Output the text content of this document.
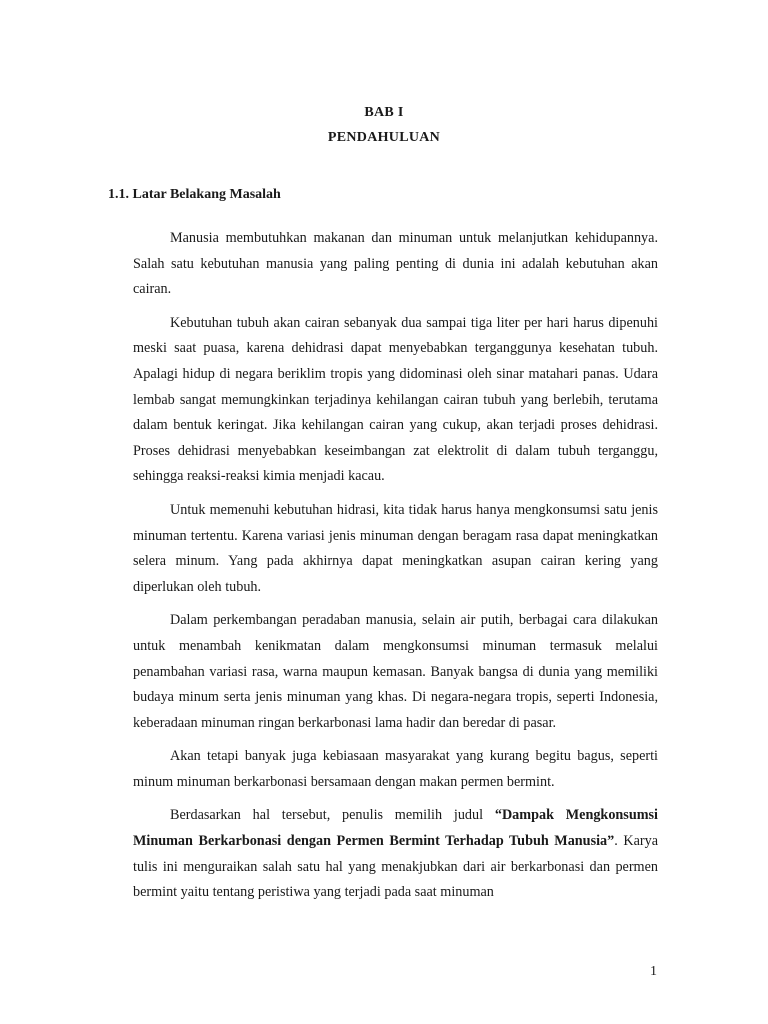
BAB I
PENDAHULUAN
1.1. Latar Belakang Masalah

Manusia membutuhkan makanan dan minuman untuk melanjutkan kehidupannya. Salah satu kebutuhan manusia yang paling penting di dunia ini adalah kebutuhan akan cairan.

Kebutuhan tubuh akan cairan sebanyak dua sampai tiga liter per hari harus dipenuhi meski saat puasa, karena dehidrasi dapat menyebabkan terganggunya kesehatan tubuh. Apalagi hidup di negara beriklim tropis yang didominasi oleh sinar matahari panas. Udara lembab sangat memungkinkan terjadinya kehilangan cairan tubuh yang berlebih, terutama dalam bentuk keringat. Jika kehilangan cairan yang cukup, akan terjadi proses dehidrasi. Proses dehidrasi menyebabkan keseimbangan zat elektrolit di dalam tubuh terganggu, sehingga reaksi-reaksi kimia menjadi kacau.

Untuk memenuhi kebutuhan hidrasi, kita tidak harus hanya mengkonsumsi satu jenis minuman tertentu. Karena variasi jenis minuman dengan beragam rasa dapat meningkatkan selera minum. Yang pada akhirnya dapat meningkatkan asupan cairan kering yang diperlukan oleh tubuh.

Dalam perkembangan peradaban manusia, selain air putih, berbagai cara dilakukan untuk menambah kenikmatan dalam mengkonsumsi minuman termasuk melalui penambahan variasi rasa, warna maupun kemasan. Banyak bangsa di dunia yang memiliki budaya minum serta jenis minuman yang khas. Di negara-negara tropis, seperti Indonesia, keberadaan minuman ringan berkarbonasi lama hadir dan beredar di pasar.

Akan tetapi banyak juga kebiasaan masyarakat yang kurang begitu bagus, seperti minum minuman berkarbonasi bersamaan dengan makan permen bermint.

Berdasarkan hal tersebut, penulis memilih judul “Dampak Mengkonsumsi Minuman Berkarbonasi dengan Permen Bermint Terhadap Tubuh Manusia”. Karya tulis ini menguraikan salah satu hal yang menakjubkan dari air berkarbonasi dan permen bermint yaitu tentang peristiwa yang terjadi pada saat minuman

1
